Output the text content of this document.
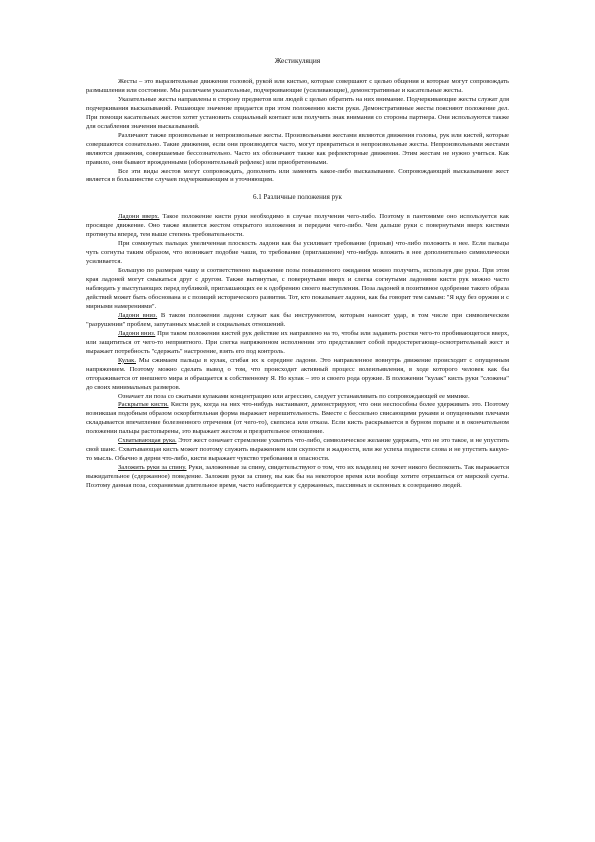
Жестикуляция

Жесты – это выразительные движения головой, рукой или кистью, которые совершают с целью общения и которые могут сопровождать размышления или состояние. Мы различаем указательные, подчеркивающие (усиливающие), демонстративные и касательные жесты.

Указательные жесты направлены в сторону предметов или людей с целью обратить на них внимание. Подчеркивающие жесты служат для подчеркивания высказываний. Решающее значение придается при этом положению кисти руки. Демонстративные жесты поясняют положение дел. При помощи касательных жестов хотят установить социальный контакт или получить знак внимания со стороны партнера. Они используются также для ослабления значения высказываний.

Различают также произвольные и непроизвольные жесты. Произвольными жестами являются движения головы, рук или кистей, которые совершаются сознательно. Такие движения, если они производятся часто, могут превратиться в непроизвольные жесты. Непроизвольными жестами являются движения, совершаемые бессознательно. Часто их обозначают также как рефлекторные движения. Этим жестам не нужно учиться. Как правило, они бывают врожденными (оборонительный рефлекс) или приобретенными.

Все эти виды жестов могут сопровождать, дополнять или заменять какое-либо высказывание. Сопровождающий высказывание жест является в большинстве случаев подчеркивающим и уточняющим.

6.1 Различные положения рук

Ладони вверх. Такое положение кисти руки необходимо в случае получения чего-либо. Поэтому в пантомиме оно используется как просящее движение. Оно также является жестом открытого изложения и передачи чего-либо. Чем дальше руки с повернутыми вверх кистями протянуты вперед, тем выше степень требовательности.

При сомкнутых пальцах увеличенная плоскость ладони как бы усиливает требование (призыв) что-либо положить в нее. Если пальцы чуть согнуты таким образом, что возникает подобие чаши, то требование (приглашение) что-нибудь вложить в нее дополнительно символически усиливается.

Большую по размерам чашу и соответственно выражение позы повышенного ожидания можно получить, используя две руки. При этом края ладоней могут смыкаться друг с другом. Также вытянутые, с повернутыми вверх и слегка согнутыми ладонями кисти рук можно часто наблюдать у выступающих перед публикой, приглашающих ее к одобрению своего выступления. Поза ладоней в позитивное одобрение такого образа действий может быть обоснована и с позиций исторического развития. Тот, кто показывает ладони, как бы говорит тем самым: "Я иду без оружия и с мирными намерениями".

Ладони вниз. В таком положении ладони служат как бы инструментом, которым наносят удар, в том числе при символическом "разрушении" проблем, запутанных мыслей и социальных отношений.

Ладони вниз. При таком положении кистей рук действие их направлено на то, чтобы или задавить ростки чего-то пробивающегося вверх, или защититься от чего-то неприятного. При слегка напряженном исполнении это представляет собой предостерегающе-осмотрительный жест и выражает потребность "сдержать" настроение, взять его под контроль.

Кулак. Мы сжимаем пальцы в кулак, сгибая их к середине ладони. Это направленное вовнутрь движение происходит с опущенным напряжением. Поэтому можно сделать вывод о том, что происходит активный процесс волеизъявления, в ходе которого человек как бы отгораживается от внешнего мира и обращается к собственному Я. Но кулак – это и своего рода оружие. В положении "кулак" кисть руки "сложена" до своих минимальных размеров.

Означает ли поза со сжатыми кулаками концентрацию или агрессию, следует устанавливать по сопровождающей ее мимике.

Раскрытые кисти. Кисти рук, когда на них что-нибудь настаивают, демонстрируют, что они неспособны более удерживать это. Поэтому возникшая подобным образом оскорбительная форма выражает нерешительность. Вместе с бессильно свисающими руками и опущенными плечами складывается впечатление болезненного отречения (от чего-то), скепсиса или отказа. Если кисть раскрывается в бурном порыве и в окончательном положении пальцы растопырены, это выражает жестом и презрительное отношение.

Схватывающая рука. Этот жест означает стремление ухватить что-либо, символическое желание удержать, что не это такое, и не упустить свой шанс. Схватывающая кисть может поэтому служить выражением или скупости и жадности, или же успеха подвести слова и не упустить какую-то мысль. Обычно в дерни что-либо, кисти выражает чувство требования в опасности.

Заложить руки за спину. Руки, заложенные за спину, свидетельствуют о том, что их владелец не хочет никого беспокоить. Так выражается выжидательное (сдержанное) поведение. Заложив руки за спину, вы как бы на некоторое время или вообще хотите отрешиться от мирской суеты. Поэтому данная поза, сохраняемая длительное время, часто наблюдается у сдержанных, пассивных и склонных к созерцанию людей.
